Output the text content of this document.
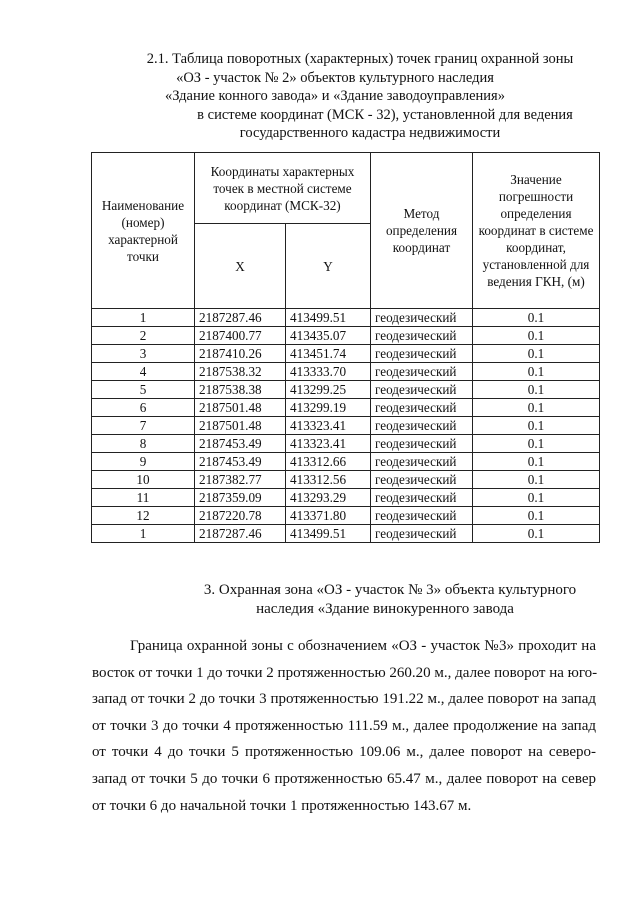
2.1. Таблица поворотных (характерных) точек границ охранной зоны
«ОЗ - участок № 2» объектов культурного наследия
«Здание конного завода» и «Здание заводоуправления»
в системе координат (МСК - 32), установленной для ведения
государственного кадастра недвижимости
Наименование (номер) характерной точки	Координаты характерных точек в местной системе координат (МСК-32)		Метод определения координат	Значение погрешности определения координат в системе координат, установленной для ведения ГКН, (м)
	X	Y		
1	2187287.46	413499.51	геодезический	0.1
2	2187400.77	413435.07	геодезический	0.1
3	2187410.26	413451.74	геодезический	0.1
4	2187538.32	413333.70	геодезический	0.1
5	2187538.38	413299.25	геодезический	0.1
6	2187501.48	413299.19	геодезический	0.1
7	2187501.48	413323.41	геодезический	0.1
8	2187453.49	413323.41	геодезический	0.1
9	2187453.49	413312.66	геодезический	0.1
10	2187382.77	413312.56	геодезический	0.1
11	2187359.09	413293.29	геодезический	0.1
12	2187220.78	413371.80	геодезический	0.1
1	2187287.46	413499.51	геодезический	0.1
3. Охранная зона «ОЗ - участок № 3» объекта культурного
наследия «Здание винокуренного завода
Граница охранной зоны с обозначением «ОЗ - участок №3» проходит на
восток от точки 1 до точки 2 протяженностью 260.20 м., далее поворот на юго-
запад от точки 2 до точки 3 протяженностью 191.22 м., далее поворот на запад
от точки 3 до точки 4 протяженностью 111.59 м., далее продолжение на запад
от точки 4 до точки 5 протяженностью 109.06 м., далее поворот на северо-
запад от точки 5 до точки 6 протяженностью 65.47 м., далее поворот на север
от точки 6 до начальной точки 1 протяженностью 143.67 м.
